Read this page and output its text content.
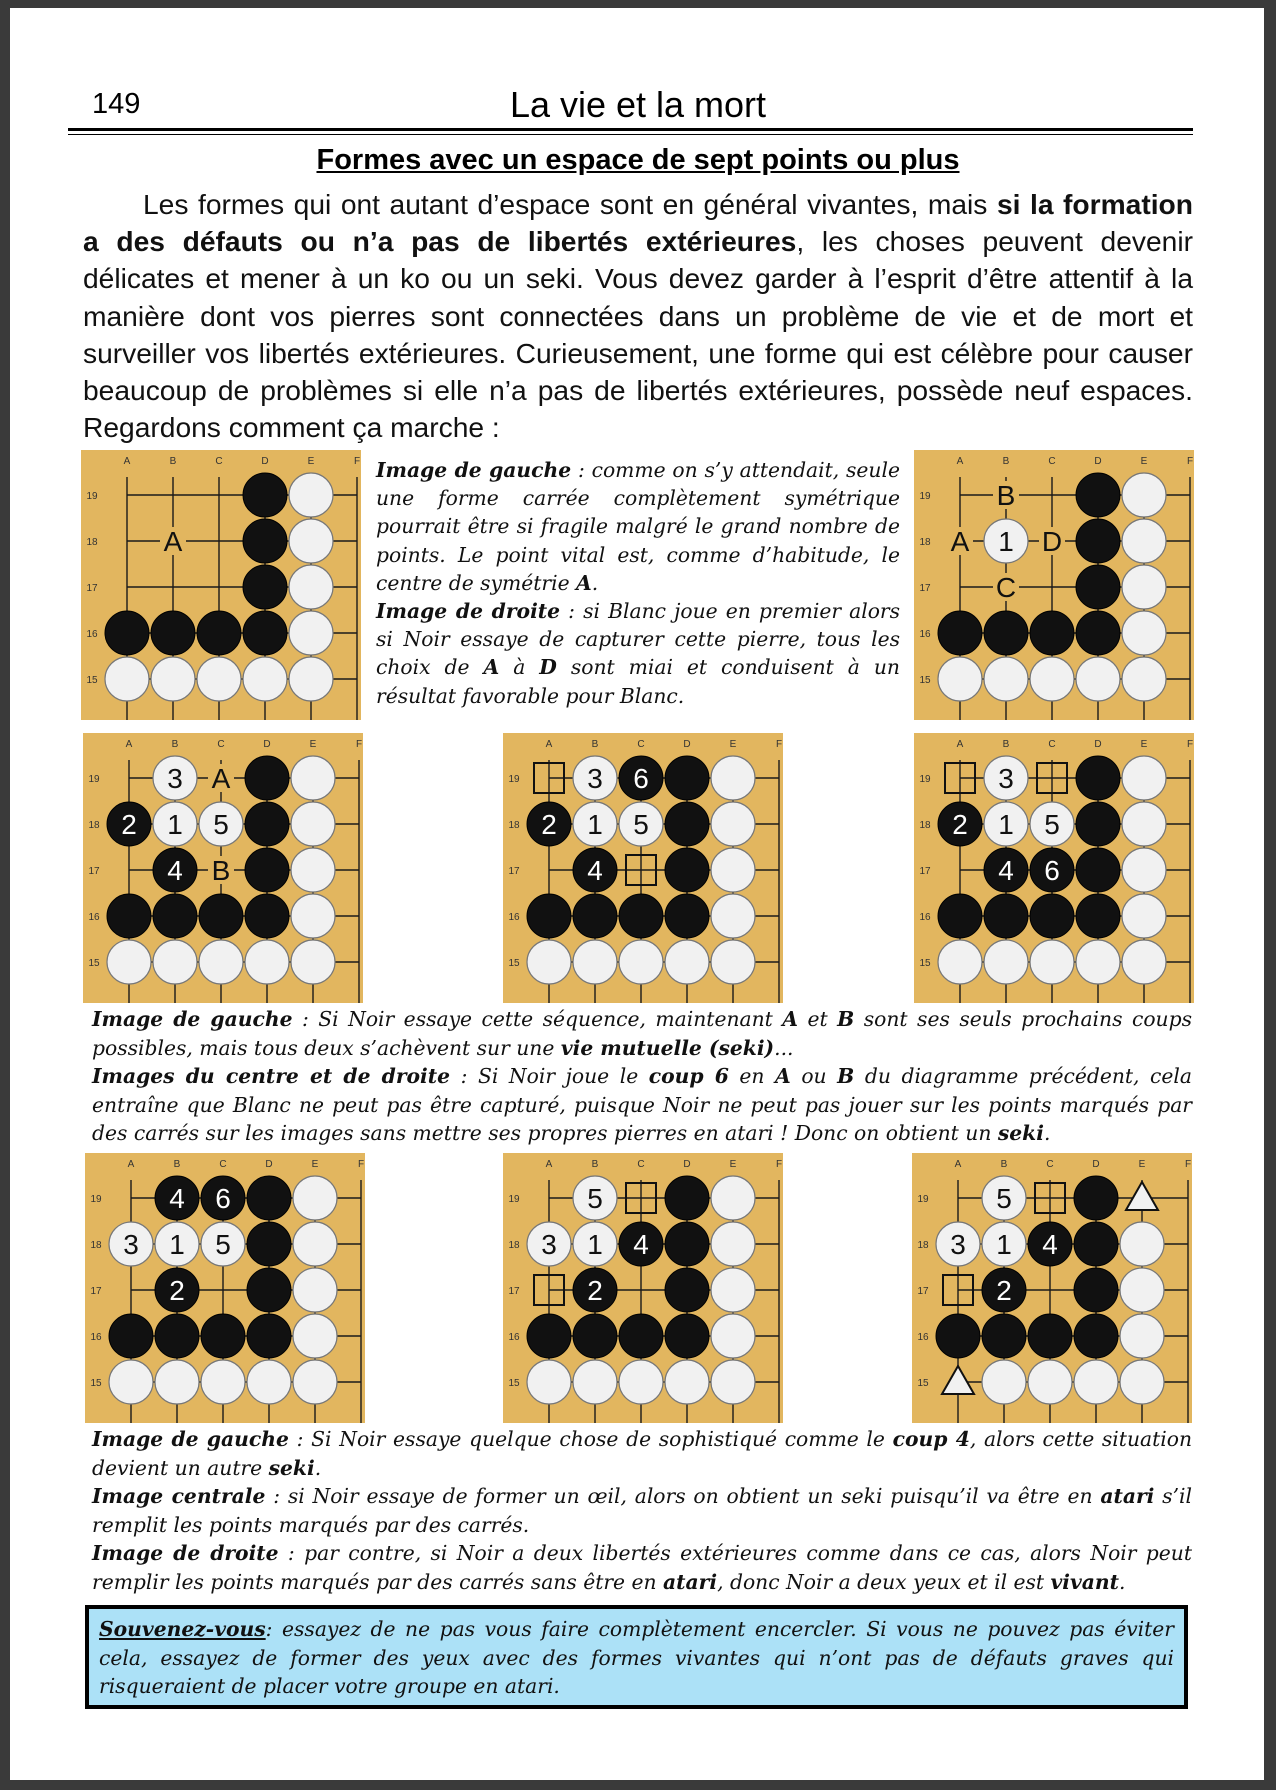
149	La vie et la mort
Formes avec un espace de sept points ou plus

Les formes qui ont autant d’espace sont en général vivantes, mais si la formation a des défauts ou n’a pas de libertés extérieures, les choses peuvent devenir délicates et mener à un ko ou un seki. Vous devez garder à l’esprit d’être attentif à la manière dont vos pierres sont connectées dans un problème de vie et de mort et surveiller vos libertés extérieures. Curieusement, une forme qui est célèbre pour causer beaucoup de problèmes si elle n’a pas de libertés extérieures, possède neuf espaces. Regardons comment ça marche :

A	B	C	D	E	F
19
18
17
16
15
A
A	B	C	D	E	F
19
18
17
16
15
B
A	D
C
1
A	B	C	D	E	F
19
18
17
16
15
A
B
3
2 1 5
4
A	B	C	D	E	F
19
18
17
16
15
3 6
2 1 5
4
A	B	C	D	E	F
19
18
17
16
15
3
2 1 5
4 6
A	B	C	D	E	F
19
18
17
16
15
4 6
3 1 5
2
A	B	C	D	E	F
19
18
17
16
15
5
3 1 4
2
A	B	C	D	E	F
19
18
17
16
15
5
3 1 4
2

Image de gauche : comme on s’y attendait, seule une forme carrée complètement symétrique pourrait être si fragile malgré le grand nombre de points. Le point vital est, comme d’habitude, le centre de symétrie A.

Image de droite : si Blanc joue en premier alors si Noir essaye de capturer cette pierre, tous les choix de A à D sont miai et conduisent à un résultat favorable pour Blanc.

Image de gauche : Si Noir essaye cette séquence, maintenant A et B sont ses seuls prochains coups possibles, mais tous deux s’achèvent sur une vie mutuelle (seki)...

Images du centre et de droite : Si Noir joue le coup 6 en A ou B du diagramme précédent, cela entraîne que Blanc ne peut pas être capturé, puisque Noir ne peut pas jouer sur les points marqués par des carrés sur les images sans mettre ses propres pierres en atari ! Donc on obtient un seki.

Image de gauche : Si Noir essaye quelque chose de sophistiqué comme le coup 4, alors cette situation devient un autre seki.

Image centrale : si Noir essaye de former un œil, alors on obtient un seki puisqu’il va être en atari s’il remplit les points marqués par des carrés.

Image de droite : par contre, si Noir a deux libertés extérieures comme dans ce cas, alors Noir peut remplir les points marqués par des carrés sans être en atari, donc Noir a deux yeux et il est vivant.

Souvenez-vous: essayez de ne pas vous faire complètement encercler. Si vous ne pouvez pas éviter cela, essayez de former des yeux avec des formes vivantes qui n’ont pas de défauts graves qui risqueraient de placer votre groupe en atari.
